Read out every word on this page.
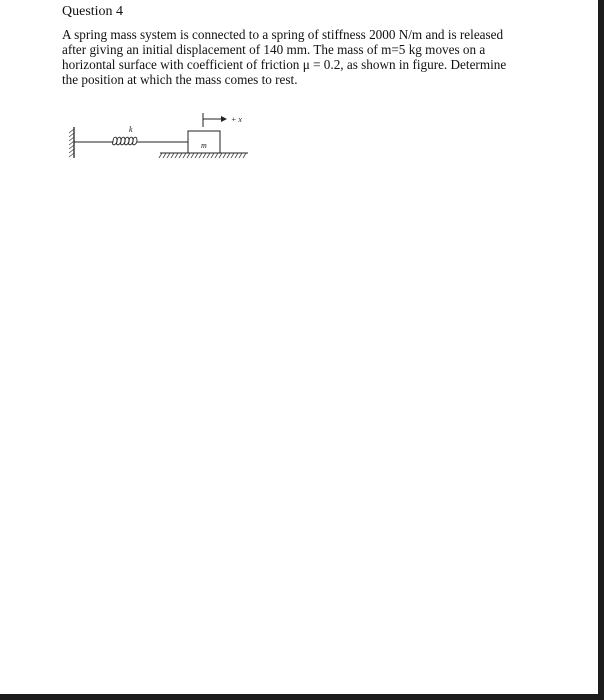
Question 4
A spring mass system is connected to a spring of stiffness 2000 N/m and is released
after giving an initial displacement of 140 mm. The mass of m=5 kg moves on a
horizontal surface with coefficient of friction μ = 0.2, as shown in figure. Determine
the position at which the mass comes to rest.
k
m
+ x
